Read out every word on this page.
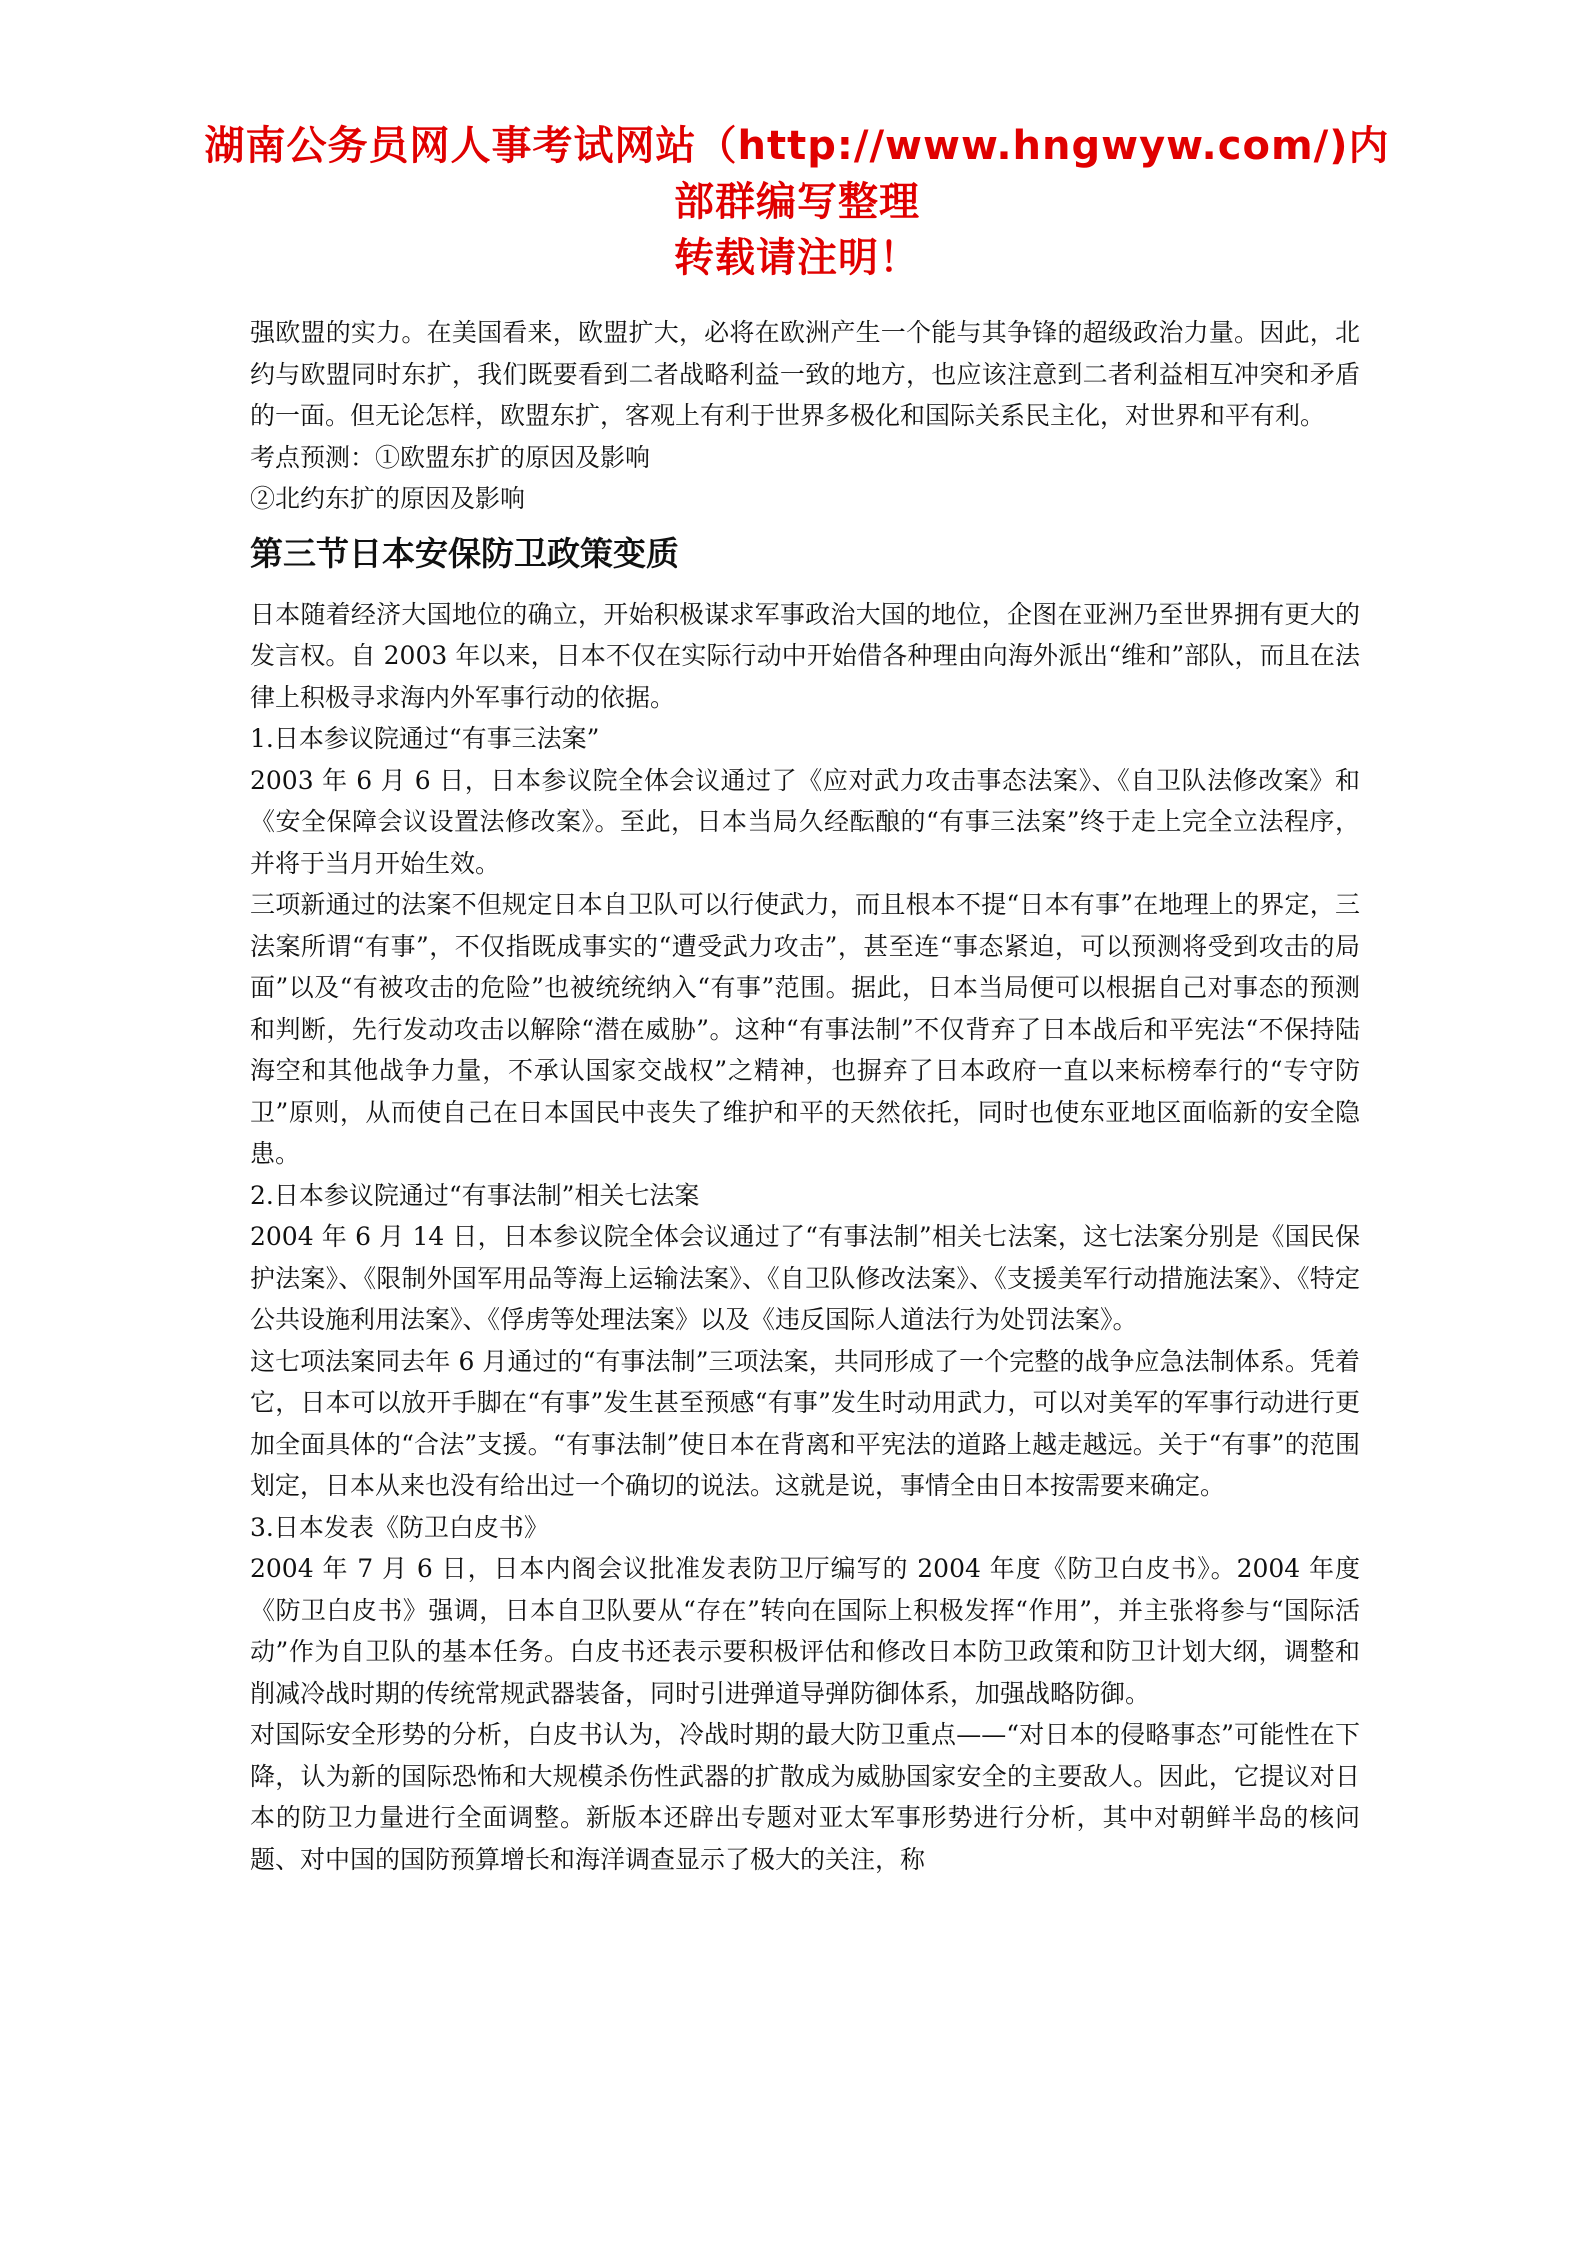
湖南公务员网人事考试网站（http://www.hngwyw.com/)内
部群编写整理
转载请注明！

强欧盟的实力。在美国看来，欧盟扩大，必将在欧洲产生一个能与其争锋的超级政治力量。因此，北约与欧盟同时东扩，我们既要看到二者战略利益一致的地方，也应该注意到二者利益相互冲突和矛盾的一面。但无论怎样，欧盟东扩，客观上有利于世界多极化和国际关系民主化，对世界和平有利。

考点预测：①欧盟东扩的原因及影响

②北约东扩的原因及影响

第三节日本安保防卫政策变质

日本随着经济大国地位的确立，开始积极谋求军事政治大国的地位，企图在亚洲乃至世界拥有更大的发言权。自 2003 年以来，日本不仅在实际行动中开始借各种理由向海外派出“维和”部队，而且在法律上积极寻求海内外军事行动的依据。

1.日本参议院通过“有事三法案”

2003 年 6 月 6 日，日本参议院全体会议通过了《应对武力攻击事态法案》、《自卫队法修改案》和《安全保障会议设置法修改案》。至此，日本当局久经酝酿的“有事三法案”终于走上完全立法程序，并将于当月开始生效。

三项新通过的法案不但规定日本自卫队可以行使武力，而且根本不提“日本有事”在地理上的界定，三法案所谓“有事”，不仅指既成事实的“遭受武力攻击”，甚至连“事态紧迫，可以预测将受到攻击的局面”以及“有被攻击的危险”也被统统纳入“有事”范围。据此，日本当局便可以根据自己对事态的预测和判断，先行发动攻击以解除“潜在威胁”。这种“有事法制”不仅背弃了日本战后和平宪法“不保持陆海空和其他战争力量，不承认国家交战权”之精神，也摒弃了日本政府一直以来标榜奉行的“专守防卫”原则，从而使自己在日本国民中丧失了维护和平的天然依托，同时也使东亚地区面临新的安全隐患。

2.日本参议院通过“有事法制”相关七法案

2004 年 6 月 14 日，日本参议院全体会议通过了“有事法制”相关七法案，这七法案分别是《国民保护法案》、《限制外国军用品等海上运输法案》、《自卫队修改法案》、《支援美军行动措施法案》、《特定公共设施利用法案》、《俘虏等处理法案》以及《违反国际人道法行为处罚法案》。

这七项法案同去年 6 月通过的“有事法制”三项法案，共同形成了一个完整的战争应急法制体系。凭着它，日本可以放开手脚在“有事”发生甚至预感“有事”发生时动用武力，可以对美军的军事行动进行更加全面具体的“合法”支援。“有事法制”使日本在背离和平宪法的道路上越走越远。关于“有事”的范围划定，日本从来也没有给出过一个确切的说法。这就是说，事情全由日本按需要来确定。

3.日本发表《防卫白皮书》

2004 年 7 月 6 日，日本内阁会议批准发表防卫厅编写的 2004 年度《防卫白皮书》。2004 年度《防卫白皮书》强调，日本自卫队要从“存在”转向在国际上积极发挥“作用”，并主张将参与“国际活动”作为自卫队的基本任务。白皮书还表示要积极评估和修改日本防卫政策和防卫计划大纲，调整和削减冷战时期的传统常规武器装备，同时引进弹道导弹防御体系，加强战略防御。

对国际安全形势的分析，白皮书认为，冷战时期的最大防卫重点——“对日本的侵略事态”可能性在下降，认为新的国际恐怖和大规模杀伤性武器的扩散成为威胁国家安全的主要敌人。因此，它提议对日本的防卫力量进行全面调整。新版本还辟出专题对亚太军事形势进行分析，其中对朝鲜半岛的核问题、对中国的国防预算增长和海洋调查显示了极大的关注，称
